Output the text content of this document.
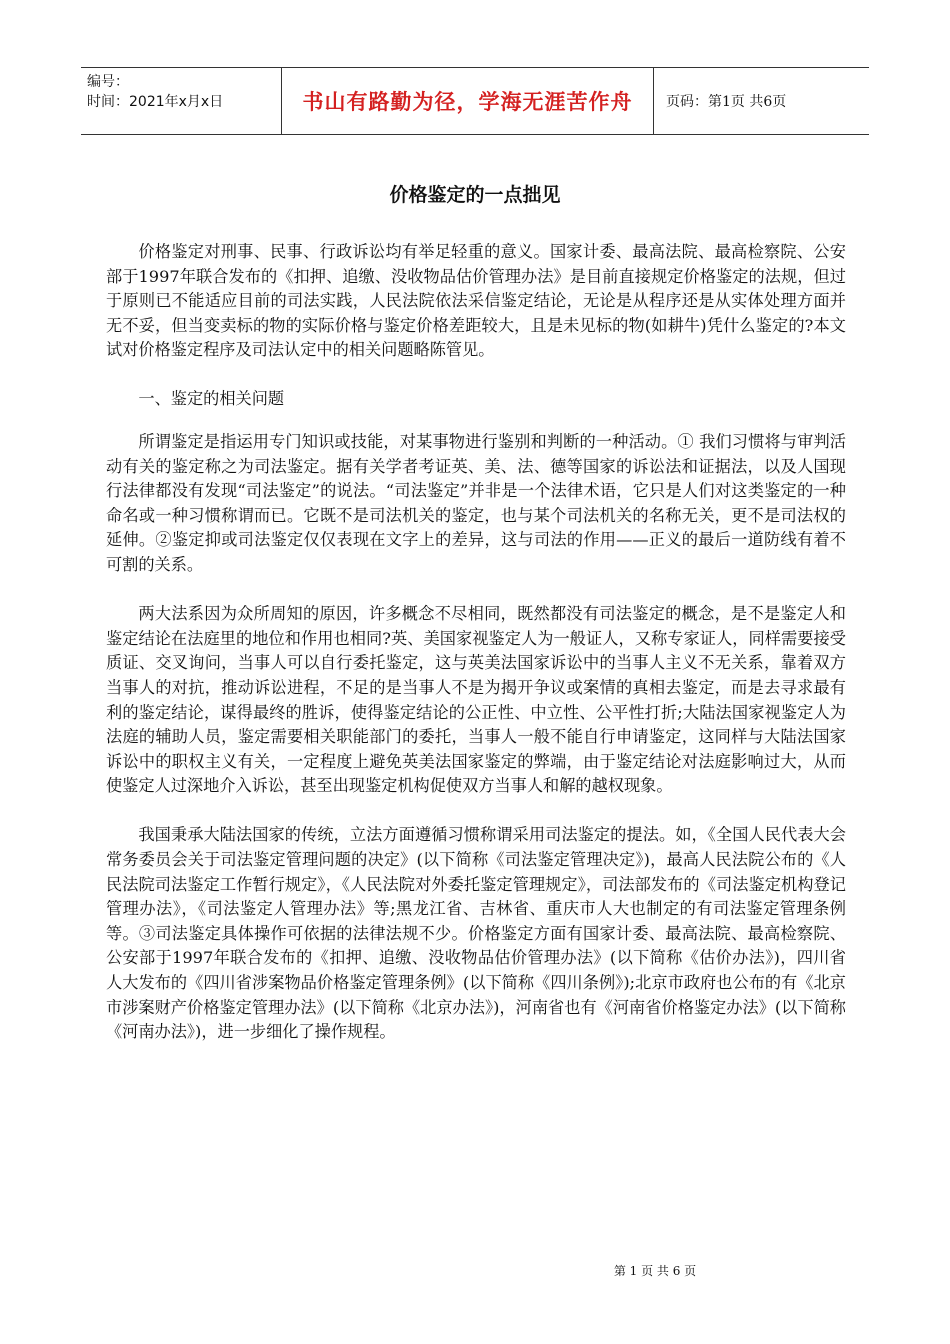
编号：
时间：2021年x月x日	书山有路勤为径，学海无涯苦作舟	页码：第1页 共6页
价格鉴定的一点拙见

价格鉴定对刑事、民事、行政诉讼均有举足轻重的意义。国家计委、最高法院、最高检察院、公安部于1997年联合发布的《扣押、追缴、没收物品估价管理办法》是目前直接规定价格鉴定的法规，但过于原则已不能适应目前的司法实践，人民法院依法采信鉴定结论，无论是从程序还是从实体处理方面并无不妥，但当变卖标的物的实际价格与鉴定价格差距较大，且是未见标的物(如耕牛)凭什么鉴定的?本文试对价格鉴定程序及司法认定中的相关问题略陈管见。

一、鉴定的相关问题

所谓鉴定是指运用专门知识或技能，对某事物进行鉴别和判断的一种活动。① 我们习惯将与审判活动有关的鉴定称之为司法鉴定。据有关学者考证英、美、法、德等国家的诉讼法和证据法，以及人国现行法律都没有发现“司法鉴定”的说法。“司法鉴定”并非是一个法律术语，它只是人们对这类鉴定的一种命名或一种习惯称谓而已。它既不是司法机关的鉴定，也与某个司法机关的名称无关，更不是司法权的延伸。②鉴定抑或司法鉴定仅仅表现在文字上的差异，这与司法的作用——正义的最后一道防线有着不可割的关系。

两大法系因为众所周知的原因，许多概念不尽相同，既然都没有司法鉴定的概念，是不是鉴定人和鉴定结论在法庭里的地位和作用也相同?英、美国家视鉴定人为一般证人，又称专家证人，同样需要接受质证、交叉询问，当事人可以自行委托鉴定，这与英美法国家诉讼中的当事人主义不无关系，靠着双方当事人的对抗，推动诉讼进程，不足的是当事人不是为揭开争议或案情的真相去鉴定，而是去寻求最有利的鉴定结论，谋得最终的胜诉，使得鉴定结论的公正性、中立性、公平性打折;大陆法国家视鉴定人为法庭的辅助人员，鉴定需要相关职能部门的委托，当事人一般不能自行申请鉴定，这同样与大陆法国家诉讼中的职权主义有关，一定程度上避免英美法国家鉴定的弊端，由于鉴定结论对法庭影响过大，从而使鉴定人过深地介入诉讼，甚至出现鉴定机构促使双方当事人和解的越权现象。

我国秉承大陆法国家的传统，立法方面遵循习惯称谓采用司法鉴定的提法。如，《全国人民代表大会常务委员会关于司法鉴定管理问题的决定》(以下简称《司法鉴定管理决定》)，最高人民法院公布的《人民法院司法鉴定工作暂行规定》，《人民法院对外委托鉴定管理规定》，司法部发布的《司法鉴定机构登记管理办法》，《司法鉴定人管理办法》等;黑龙江省、吉林省、重庆市人大也制定的有司法鉴定管理条例等。③司法鉴定具体操作可依据的法律法规不少。价格鉴定方面有国家计委、最高法院、最高检察院、公安部于1997年联合发布的《扣押、追缴、没收物品估价管理办法》(以下简称《估价办法》)，四川省人大发布的《四川省涉案物品价格鉴定管理条例》(以下简称《四川条例》);北京市政府也公布的有《北京市涉案财产价格鉴定管理办法》(以下简称《北京办法》)，河南省也有《河南省价格鉴定办法》(以下简称《河南办法》)，进一步细化了操作规程。

第 1 页 共 6 页
